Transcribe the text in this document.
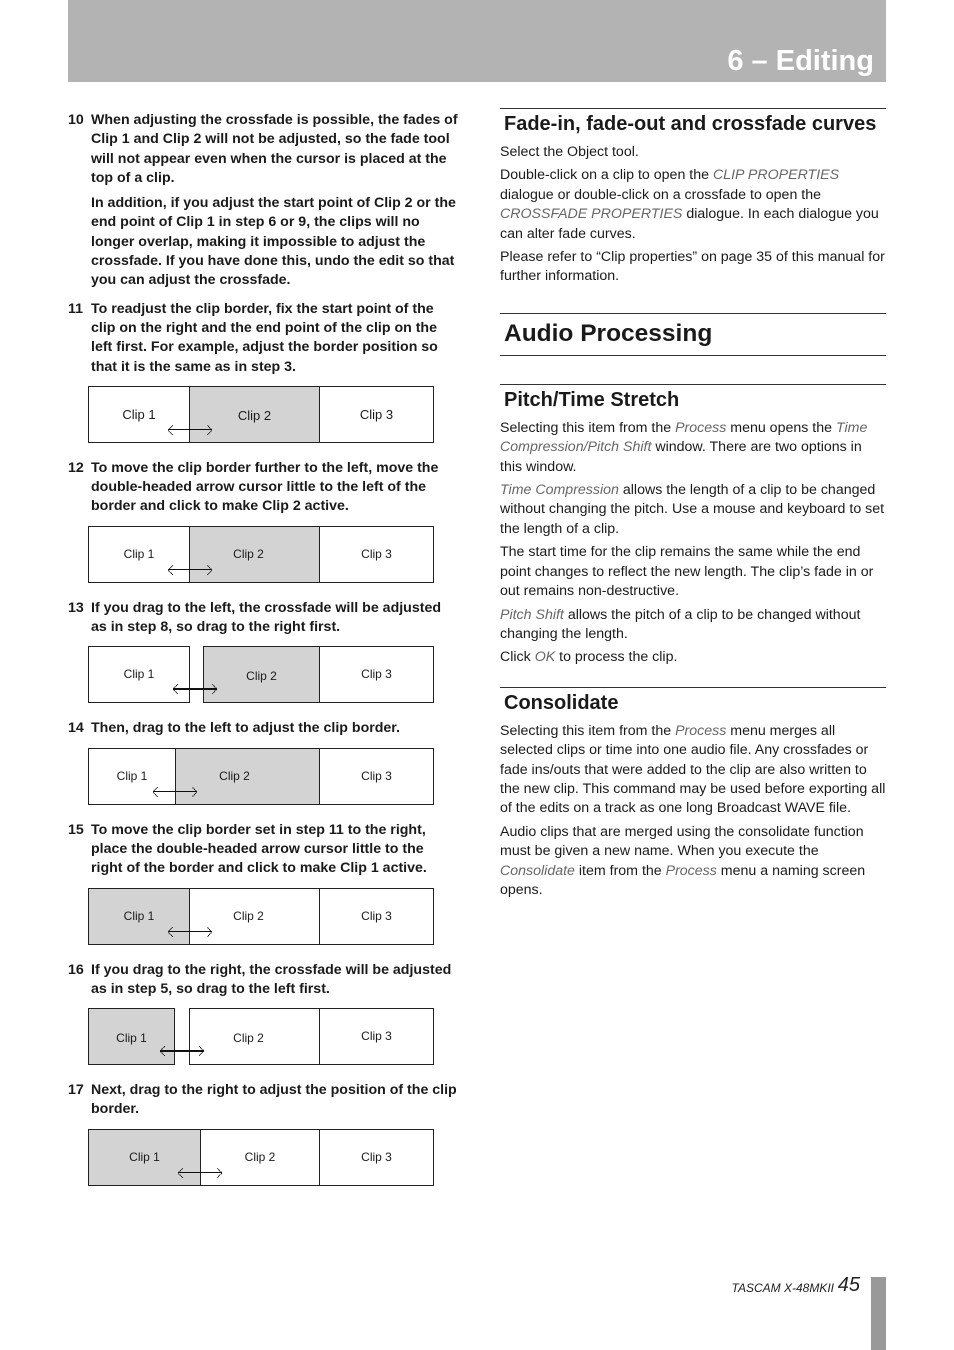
6 – Editing
10 When adjusting the crossfade is possible, the fades of Clip 1 and Clip 2 will not be adjusted, so the fade tool will not appear even when the cursor is placed at the top of a clip.

In addition, if you adjust the start point of Clip 2 or the end point of Clip 1 in step 6 or 9, the clips will no longer overlap, making it impossible to adjust the crossfade. If you have done this, undo the edit so that you can adjust the crossfade.

11 To readjust the clip border, fix the start point of the clip on the right and the end point of the clip on the left first. For example, adjust the border position so that it is the same as in step 3.

Clip 1	Clip 2	Clip 3
12 To move the clip border further to the left, move the double-headed arrow cursor little to the left of the border and click to make Clip 2 active.

Clip 1	Clip 2	Clip 3
13 If you drag to the left, the crossfade will be adjusted as in step 8, so drag to the right first.

Clip 1	Clip 2	Clip 3
14 Then, drag to the left to adjust the clip border.

Clip 1	Clip 2	Clip 3
15 To move the clip border set in step 11 to the right, place the double-headed arrow cursor little to the right of the border and click to make Clip 1 active.

Clip 1	Clip 2	Clip 3
16 If you drag to the right, the crossfade will be adjusted as in step 5, so drag to the left first.

Clip 1	Clip 2	Clip 3
17 Next, drag to the right to adjust the position of the clip border.

Clip 1	Clip 2	Clip 3
Fade-in, fade-out and crossfade curves

Select the Object tool.

Double-click on a clip to open the CLIP PROPERTIES dialogue or double-click on a crossfade to open the CROSSFADE PROPERTIES dialogue. In each dialogue you can alter fade curves.

Please refer to “Clip properties” on page 35 of this manual for further information.

Audio Processing
Pitch/Time Stretch

Selecting this item from the Process menu opens the Time Compression/Pitch Shift window. There are two options in this window.

Time Compression allows the length of a clip to be changed without changing the pitch. Use a mouse and keyboard to set the length of a clip.

The start time for the clip remains the same while the end point changes to reflect the new length. The clip’s fade in or out remains non-destructive.

Pitch Shift allows the pitch of a clip to be changed without changing the length.

Click OK to process the clip.

Consolidate

Selecting this item from the Process menu merges all selected clips or time into one audio file. Any crossfades or fade ins/outs that were added to the clip are also written to the new clip. This command may be used before exporting all of the edits on a track as one long Broadcast WAVE file.

Audio clips that are merged using the consolidate function must be given a new name. When you execute the Consolidate item from the Process menu a naming screen opens.

TASCAM X-48MKII 45
